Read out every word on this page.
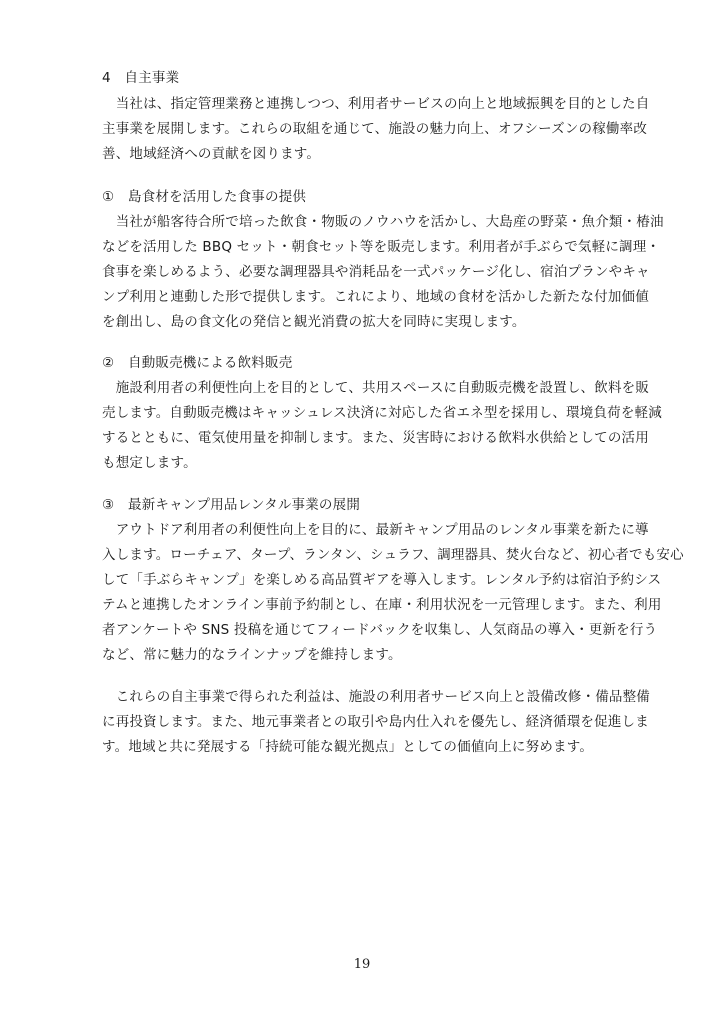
4　自主事業
　当社は、指定管理業務と連携しつつ、利用者サービスの向上と地域振興を目的とした自
主事業を展開します。これらの取組を通じて、施設の魅力向上、オフシーズンの稼働率改
善、地域経済への貢献を図ります。
①　島食材を活用した食事の提供
　当社が船客待合所で培った飲食・物販のノウハウを活かし、大島産の野菜・魚介類・椿油
などを活用した BBQ セット・朝食セット等を販売します。利用者が手ぶらで気軽に調理・
食事を楽しめるよう、必要な調理器具や消耗品を一式パッケージ化し、宿泊プランやキャ
ンプ利用と連動した形で提供します。これにより、地域の食材を活かした新たな付加価値
を創出し、島の食文化の発信と観光消費の拡大を同時に実現します。
②　自動販売機による飲料販売
　施設利用者の利便性向上を目的として、共用スペースに自動販売機を設置し、飲料を販
売します。自動販売機はキャッシュレス決済に対応した省エネ型を採用し、環境負荷を軽減
するとともに、電気使用量を抑制します。また、災害時における飲料水供給としての活用
も想定します。
③　最新キャンプ用品レンタル事業の展開
　アウトドア利用者の利便性向上を目的に、最新キャンプ用品のレンタル事業を新たに導
入します。ローチェア、タープ、ランタン、シュラフ、調理器具、焚火台など、初心者でも安心
して「手ぶらキャンプ」を楽しめる高品質ギアを導入します。レンタル予約は宿泊予約シス
テムと連携したオンライン事前予約制とし、在庫・利用状況を一元管理します。また、利用
者アンケートや SNS 投稿を通じてフィードバックを収集し、人気商品の導入・更新を行う
など、常に魅力的なラインナップを維持します。
　これらの自主事業で得られた利益は、施設の利用者サービス向上と設備改修・備品整備
に再投資します。また、地元事業者との取引や島内仕入れを優先し、経済循環を促進しま
す。地域と共に発展する「持続可能な観光拠点」としての価値向上に努めます。
19
